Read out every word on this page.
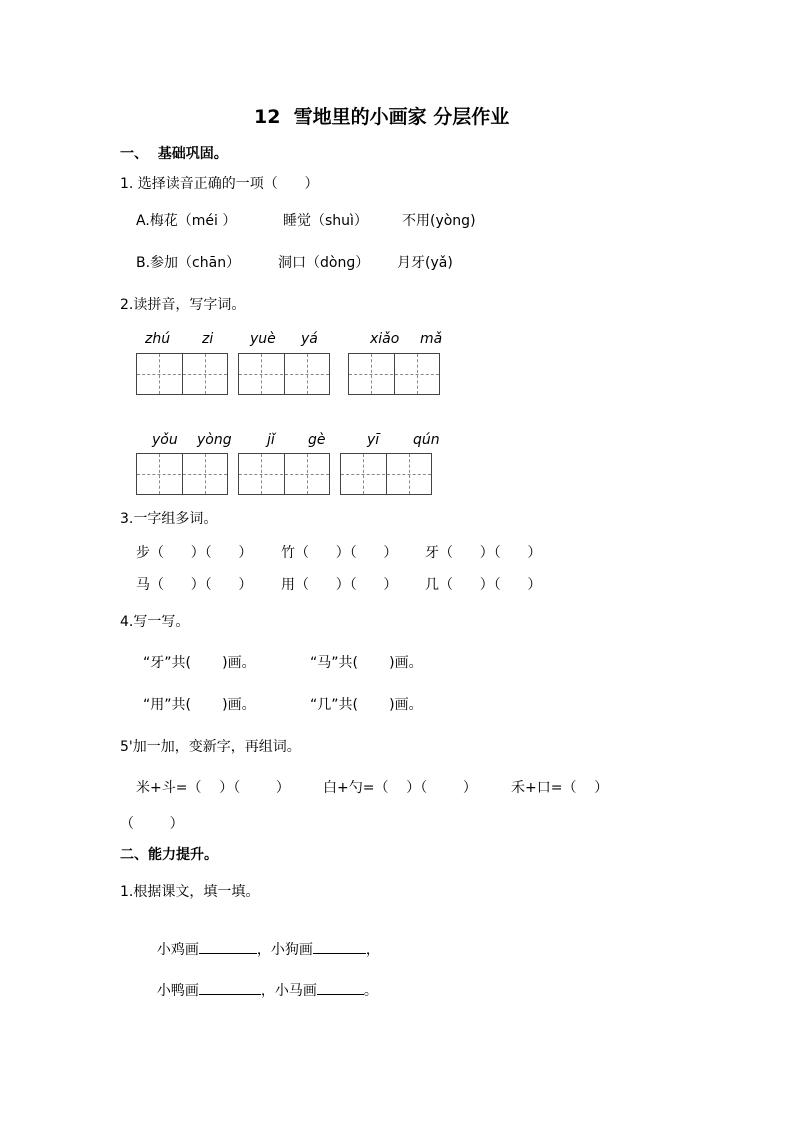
12  雪地里的小画家 分层作业
一、  基础巩固。
1. 选择读音正确的一项（      ）
A.梅花（méi ）	睡觉（shuì） 不用(yòng)
B.参加（chān）	洞口（dònɡ） 月牙(yǎ)
2.读拼音，写字词。
zhú zi	yuè yá	xiǎo mǎ
yǒu yòng	jǐ gè	yī qún
3.一字组多词。
步（      ）（      ） 竹（      ）（      ） 牙（      ）（      ）
马（      ）（      ） 用（      ）（      ） 几（      ）（      ）
4.写一写。
“牙”共(       )画。	“马”共(       )画。
“用”共(       )画。	“几”共(       )画。
5'加一加，变新字，再组词。
米+斗=（    ）（        ） 白+勺=（    ）（        ） 禾+口=（    ）
（        ）
二、能力提升。
1.根据课文，填一填。

小鸡画	，小狗画	，

小鸭画	，小马画	。
